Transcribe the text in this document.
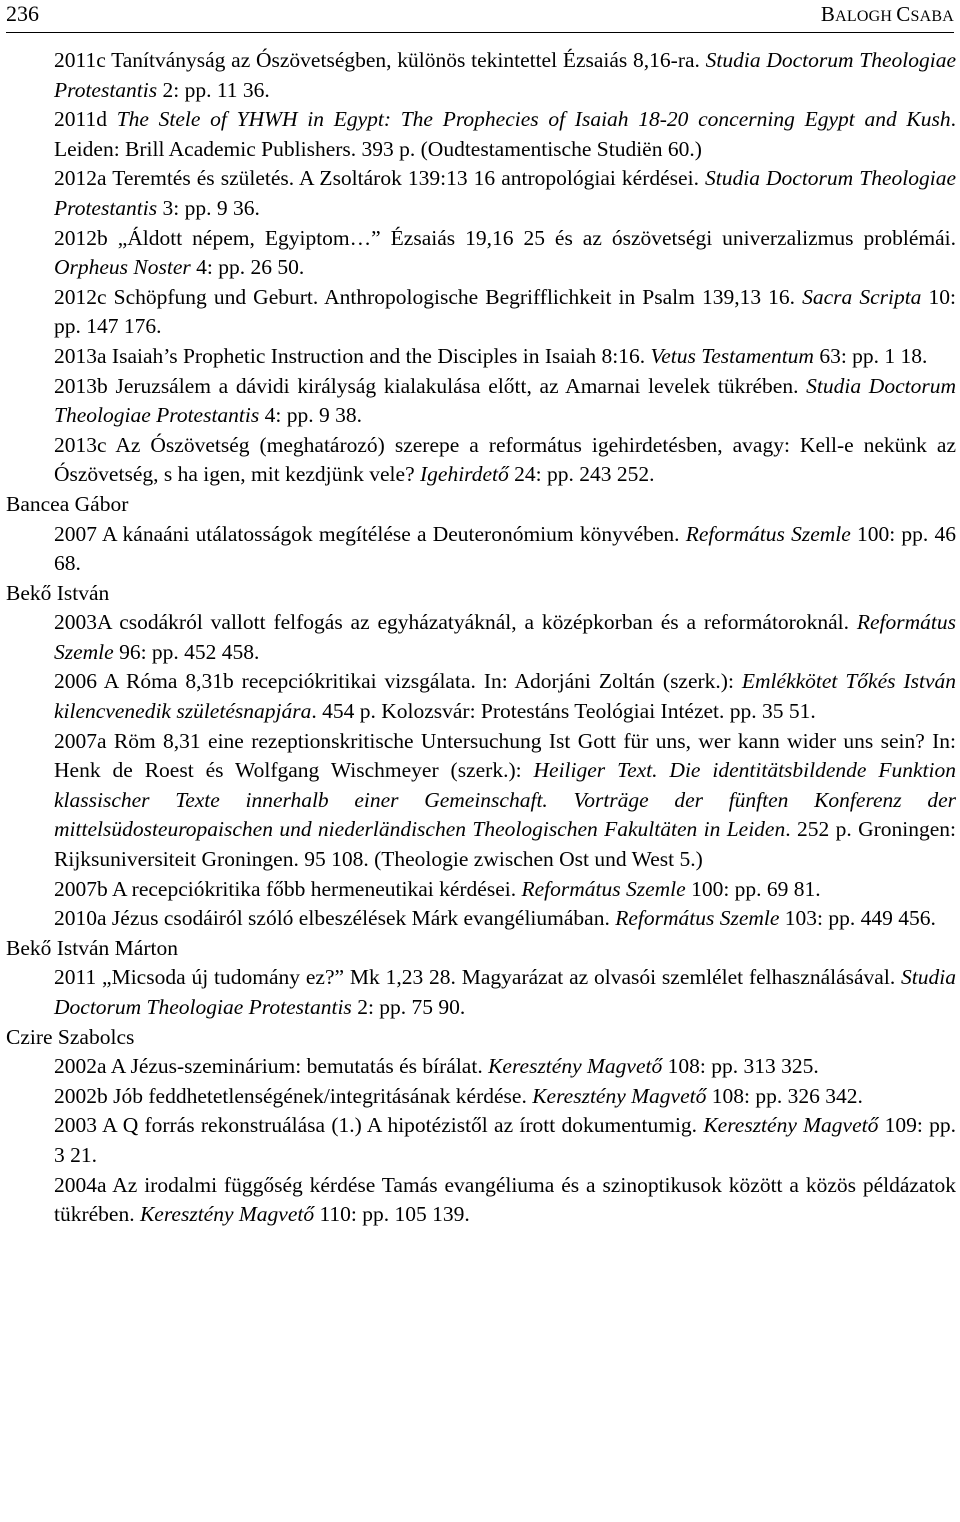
236	BALOGH CSABA

2011c Tanítványság az Ószövetségben, különös tekintettel Ézsaiás 8,16-ra. Studia Doctorum Theologiae Protestantis 2: pp. 11 36.

2011d The Stele of YHWH in Egypt: The Prophecies of Isaiah 18-20 concerning Egypt and Kush. Leiden: Brill Academic Publishers. 393 p. (Oudtestamentische Studiën 60.)

2012a Teremtés és születés. A Zsoltárok 139:13 16 antropológiai kérdései. Studia Doctorum Theologiae Protestantis 3: pp. 9 36.

2012b „Áldott népem, Egyiptom…” Ézsaiás 19,16 25 és az ószövetségi univerzalizmus problémái. Orpheus Noster 4: pp. 26 50.

2012c Schöpfung und Geburt. Anthropologische Begrifflichkeit in Psalm 139,13 16. Sacra Scripta 10: pp. 147 176.

2013a Isaiah’s Prophetic Instruction and the Disciples in Isaiah 8:16. Vetus Testamentum 63: pp. 1 18.

2013b Jeruzsálem a dávidi királyság kialakulása előtt, az Amarnai levelek tükrében. Studia Doctorum Theologiae Protestantis 4: pp. 9 38.

2013c Az Ószövetség (meghatározó) szerepe a református igehirdetésben, avagy: Kell-e nekünk az Ószövetség, s ha igen, mit kezdjünk vele? Igehirdető 24: pp. 243 252.

Bancea Gábor

2007 A kánaáni utálatosságok megítélése a Deuteronómium könyvében. Református Szemle 100: pp. 46 68.

Bekő István

2003A csodákról vallott felfogás az egyházatyáknál, a középkorban és a reformátoroknál. Református Szemle 96: pp. 452 458.

2006 A Róma 8,31b recepciókritikai vizsgálata. In: Adorjáni Zoltán (szerk.): Emlékkötet Tőkés István kilencvenedik születésnapjára. 454 p. Kolozsvár: Protestáns Teológiai Intézet. pp. 35 51.

2007a Röm 8,31 eine rezeptionskritische Untersuchung Ist Gott für uns, wer kann wider uns sein? In: Henk de Roest és Wolfgang Wischmeyer (szerk.): Heiliger Text. Die identitätsbildende Funktion klassischer Texte innerhalb einer Gemeinschaft. Vorträge der fünften Konferenz der mittelsüdosteuropaischen und niederländischen Theologischen Fakultäten in Leiden. 252 p. Groningen: Rijksuniversiteit Groningen. 95 108. (Theologie zwischen Ost und West 5.)

2007b A recepciókritika főbb hermeneutikai kérdései. Református Szemle 100: pp. 69 81.

2010a Jézus csodáiról szóló elbeszélések Márk evangéliumában. Református Szemle 103: pp. 449 456.

Bekő István Márton

2011 „Micsoda új tudomány ez?” Mk 1,23 28. Magyarázat az olvasói szemlélet felhasználásával. Studia Doctorum Theologiae Protestantis 2: pp. 75 90.

Czire Szabolcs

2002a A Jézus-szeminárium: bemutatás és bírálat. Keresztény Magvető 108: pp. 313 325.

2002b Jób feddhetetlenségének/integritásának kérdése. Keresztény Magvető 108: pp. 326 342.

2003 A Q forrás rekonstruálása (1.) A hipotézistől az írott dokumentumig. Keresztény Magvető 109: pp. 3 21.

2004a Az irodalmi függőség kérdése Tamás evangéliuma és a szinoptikusok között a közös példázatok tükrében. Keresztény Magvető 110: pp. 105 139.
